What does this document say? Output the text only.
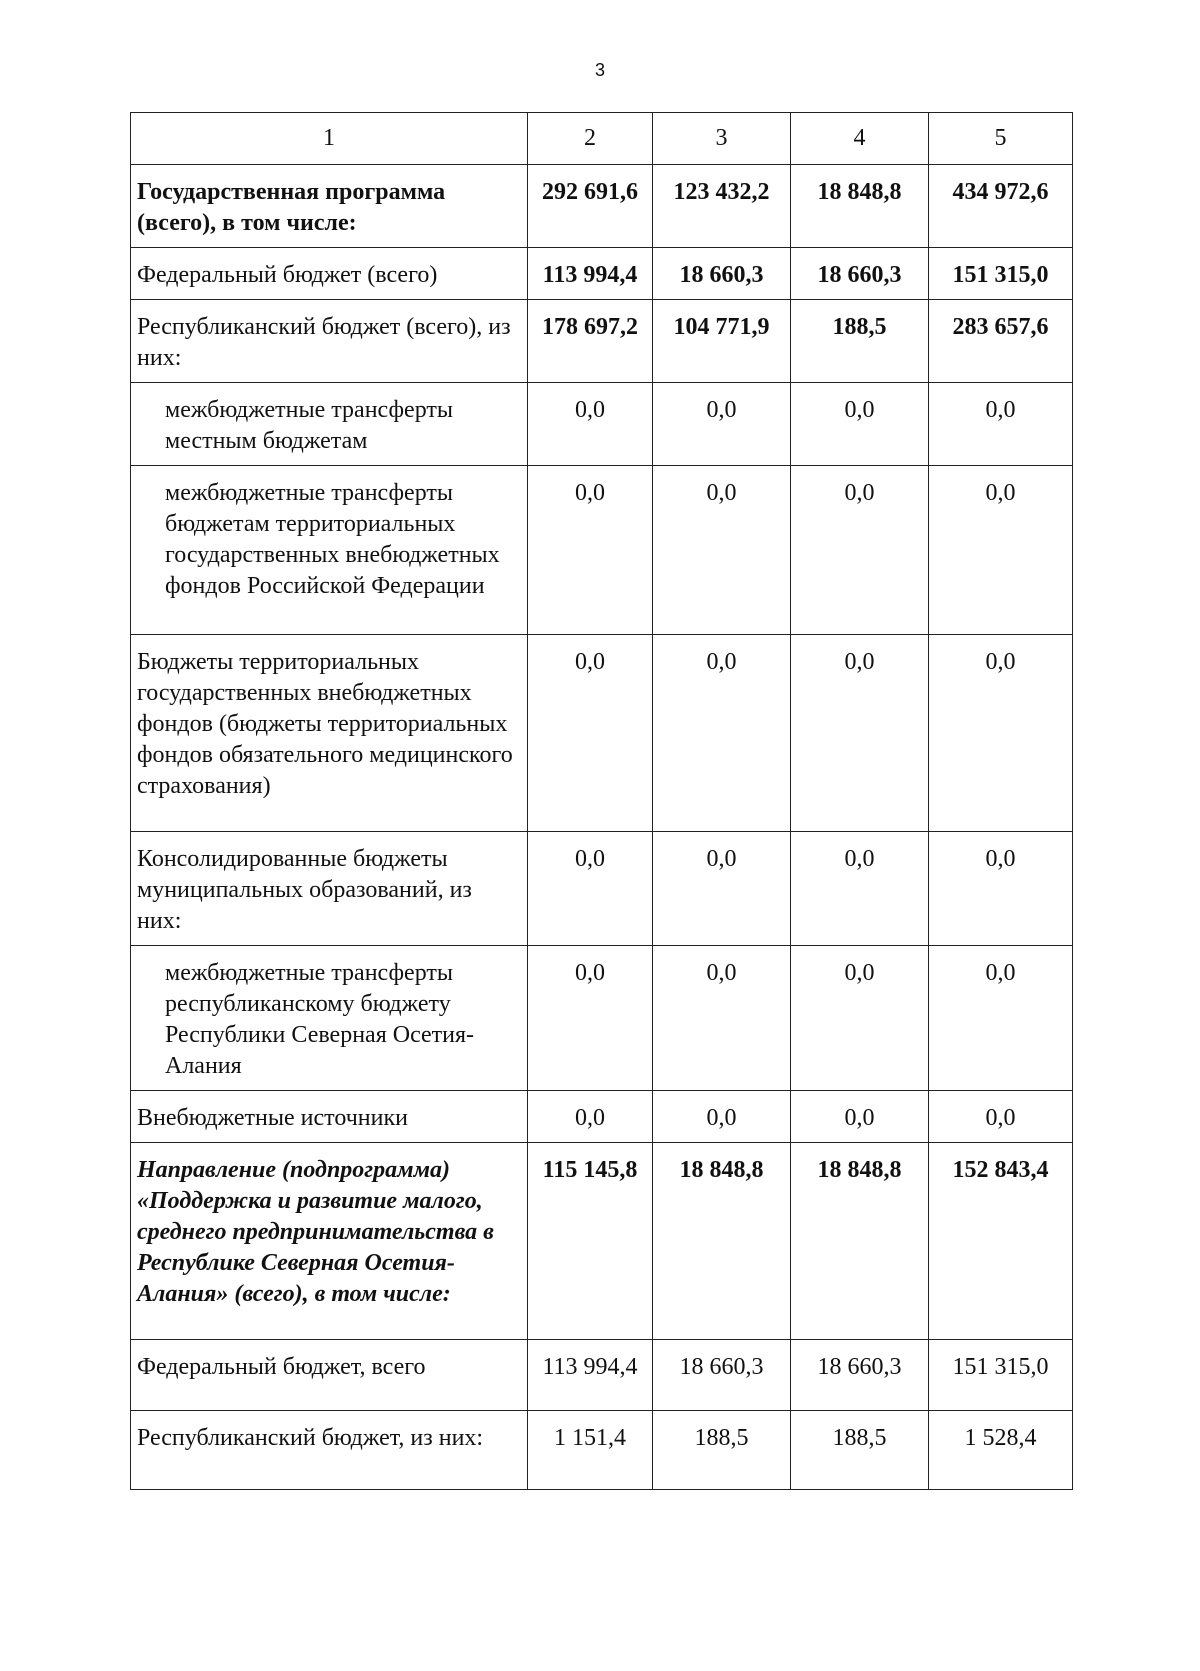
3
1	2	3	4	5
Государственная программа (всего), в том числе:	292 691,6	123 432,2	18 848,8	434 972,6
Федеральный бюджет (всего)	113 994,4	18 660,3	18 660,3	151 315,0
Республиканский бюджет (всего), из них:	178 697,2	104 771,9	188,5	283 657,6
межбюджетные трансферты местным бюджетам	0,0	0,0	0,0	0,0
межбюджетные трансферты бюджетам территориальных государственных внебюджетных фондов Российской Федерации	0,0	0,0	0,0	0,0
Бюджеты территориальных государственных внебюджетных фондов (бюджеты территориальных фондов обязательного медицинского страхования)	0,0	0,0	0,0	0,0
Консолидированные бюджеты муниципальных образований, из них:	0,0	0,0	0,0	0,0
межбюджетные трансферты республиканскому бюджету Республики Северная Осетия-Алания	0,0	0,0	0,0	0,0
Внебюджетные источники	0,0	0,0	0,0	0,0
Направление (подпрограмма) «Поддержка и развитие малого, среднего предпринимательства в Республике Северная Осетия-Алания» (всего), в том числе:	115 145,8	18 848,8	18 848,8	152 843,4
Федеральный бюджет, всего	113 994,4	18 660,3	18 660,3	151 315,0
Республиканский бюджет, из них:	1 151,4	188,5	188,5	1 528,4
